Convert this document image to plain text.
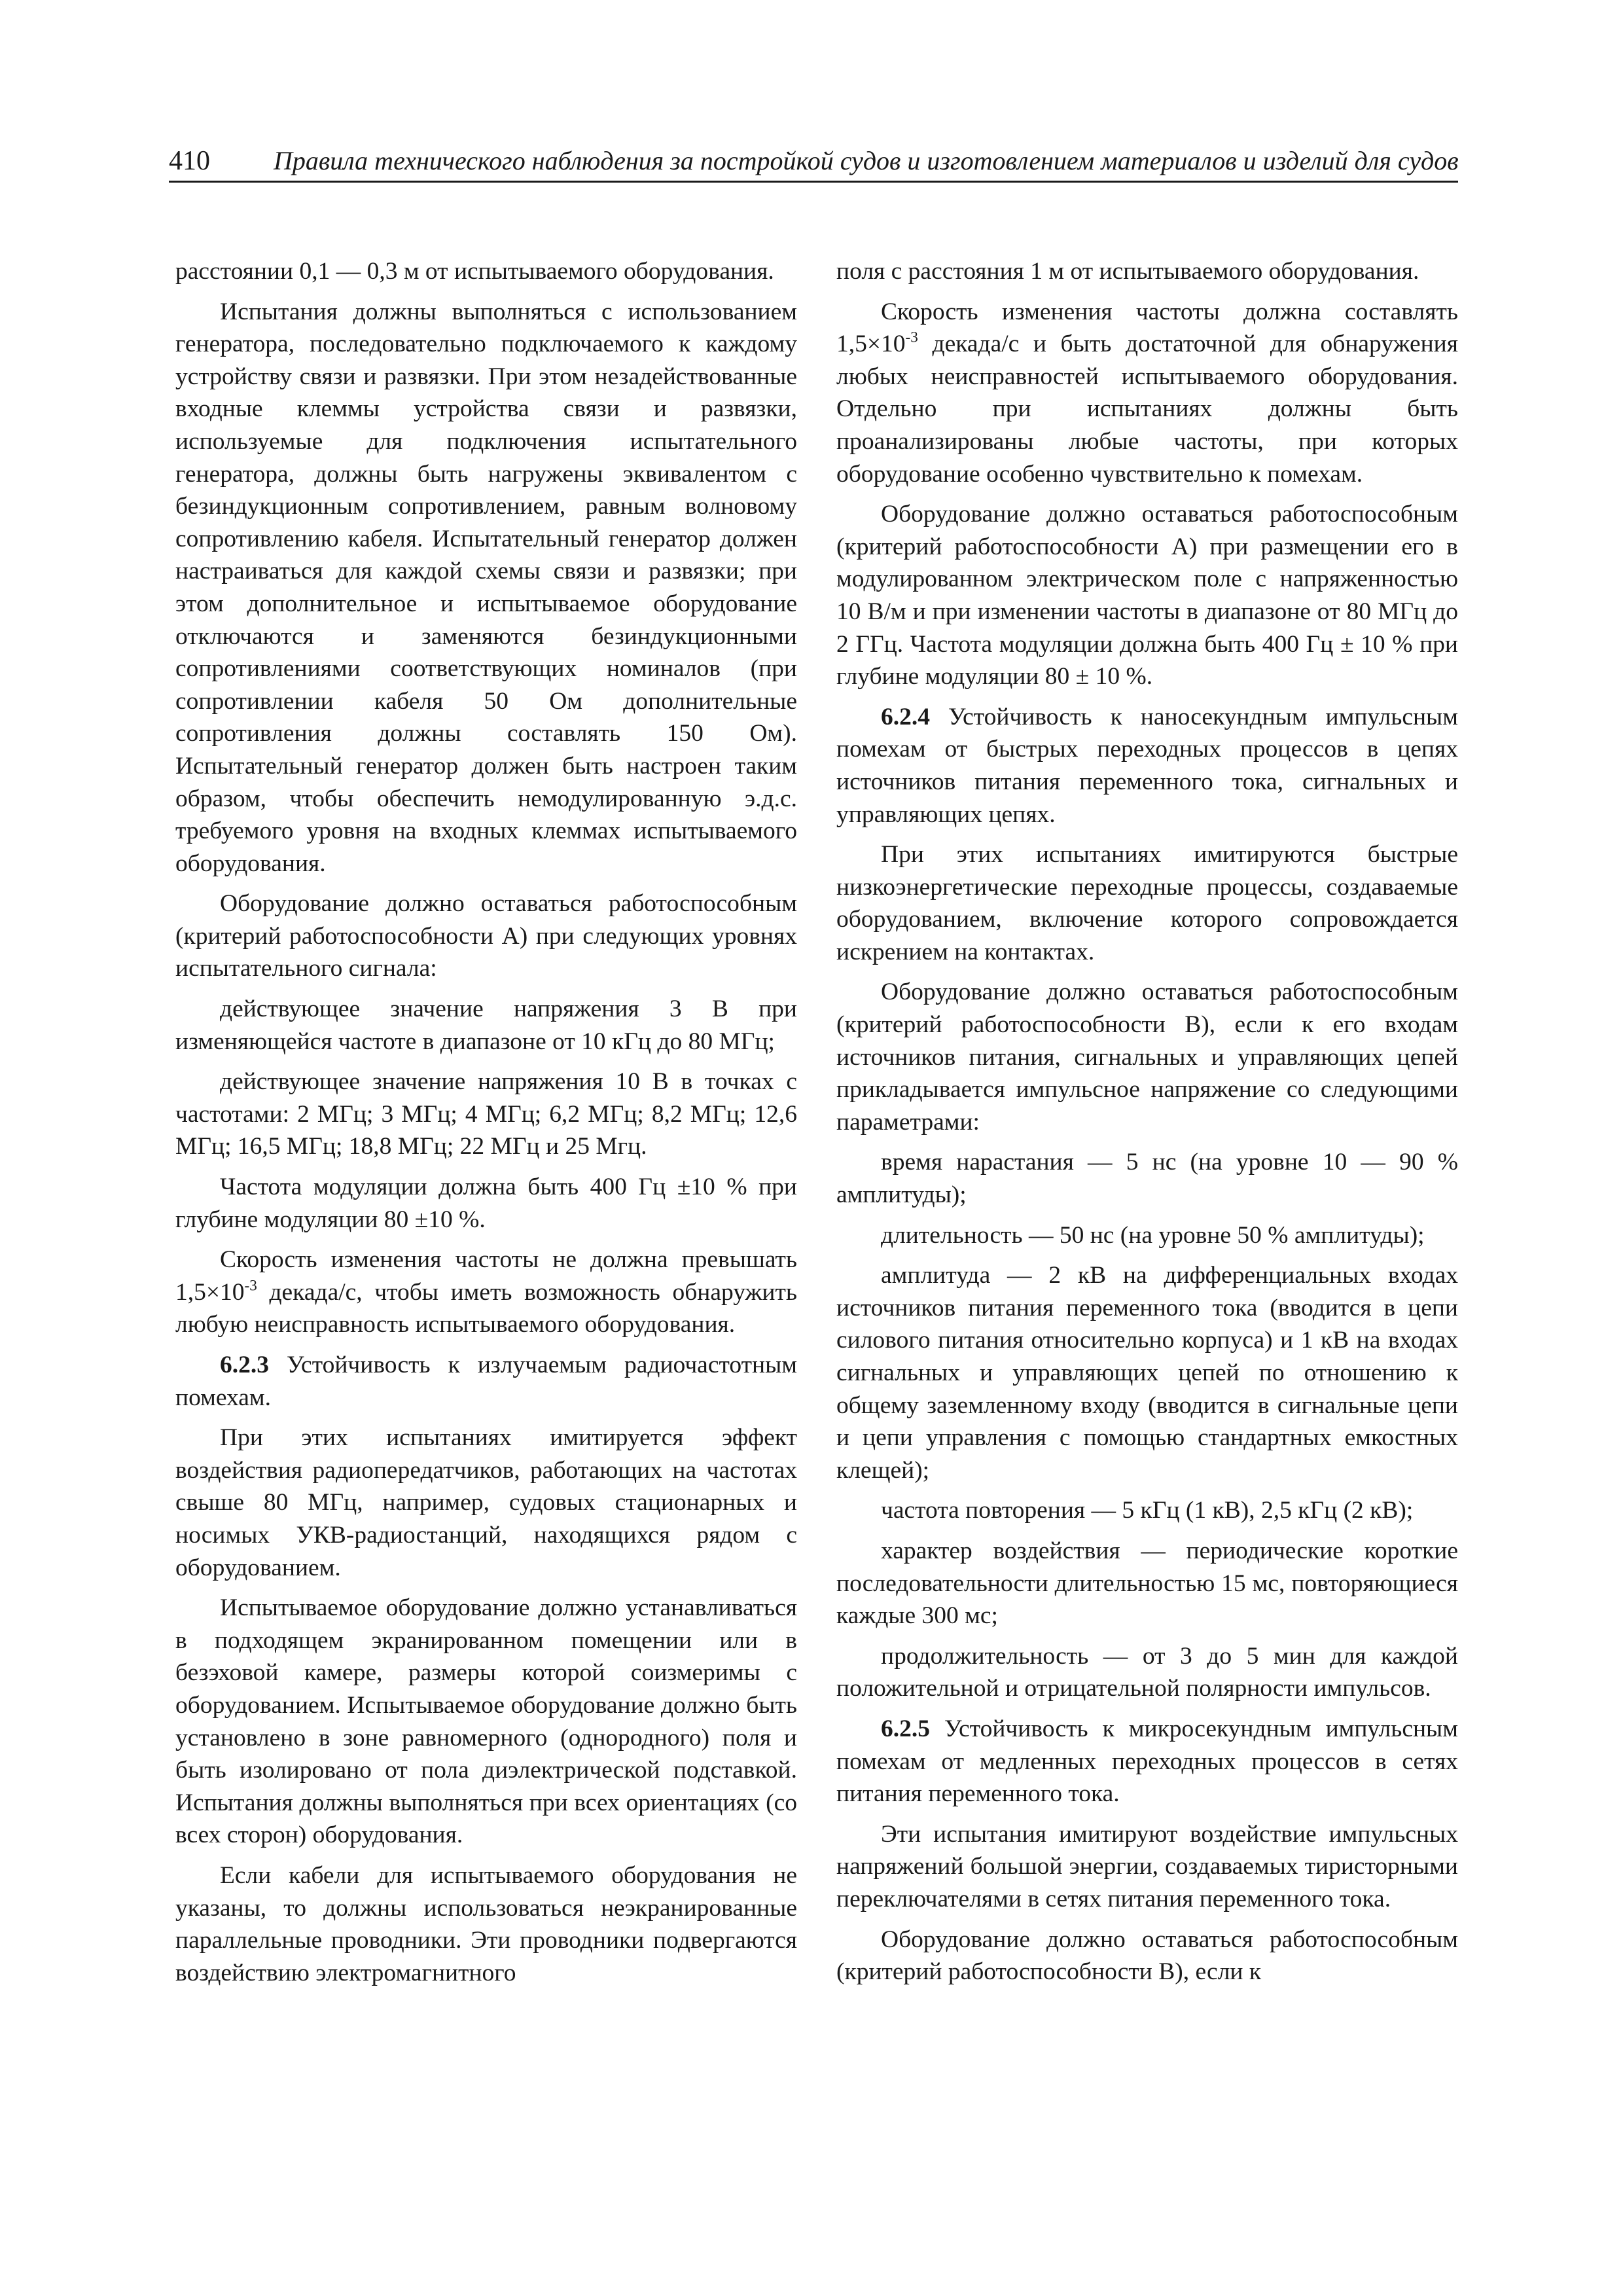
410 Правила технического наблюдения за постройкой судов и изготовлением материалов и изделий для судов

расстоянии 0,1 — 0,3 м от испытываемого оборудования.

Испытания должны выполняться с использованием генератора, последовательно подключаемого к каждому устройству связи и развязки. При этом незадействованные входные клеммы устройства связи и развязки, используемые для подключения испытательного генератора, должны быть нагружены эквивалентом с безиндукционным сопротивлением, равным волновому сопротивлению кабеля. Испытательный генератор должен настраиваться для каждой схемы связи и развязки; при этом дополнительное и испытываемое оборудование отключаются и заменяются безиндукционными сопротивлениями соответствующих номиналов (при сопротивлении кабеля 50 Ом дополнительные сопротивления должны составлять 150 Ом). Испытательный генератор должен быть настроен таким образом, чтобы обеспечить немодулированную э.д.с. требуемого уровня на входных клеммах испытываемого оборудования.

Оборудование должно оставаться работоспособным (критерий работоспособности A) при следующих уровнях испытательного сигнала:

действующее значение напряжения 3 В при изменяющейся частоте в диапазоне от 10 кГц до 80 МГц;

действующее значение напряжения 10 В в точках с частотами: 2 МГц; 3 МГц; 4 МГц; 6,2 МГц; 8,2 МГц; 12,6 МГц; 16,5 МГц; 18,8 МГц; 22 МГц и 25 Мгц.

Частота модуляции должна быть 400 Гц ±10 % при глубине модуляции 80 ±10 %.

Скорость изменения частоты не должна превышать $1,5\times 10^{-3}$ декада/с, чтобы иметь возможность обнаружить любую неисправность испытываемого оборудования.

6.2.3 Устойчивость к излучаемым радиочастотным помехам.

При этих испытаниях имитируется эффект воздействия радиопередатчиков, работающих на частотах свыше 80 МГц, например, судовых стационарных и носимых УКВ-радиостанций, находящихся рядом с оборудованием.

Испытываемое оборудование должно устанавливаться в подходящем экранированном помещении или в безэховой камере, размеры которой соизмеримы с оборудованием. Испытываемое оборудование должно быть установлено в зоне равномерного (однородного) поля и быть изолировано от пола диэлектрической подставкой. Испытания должны выполняться при всех ориентациях (со всех сторон) оборудования.

Если кабели для испытываемого оборудования не указаны, то должны использоваться неэкранированные параллельные проводники. Эти проводники подвергаются воздействию электромагнитного

поля с расстояния 1 м от испытываемого оборудования.

Скорость изменения частоты должна составлять $1,5\times 10^{-3}$ декада/с и быть достаточной для обнаружения любых неисправностей испытываемого оборудования. Отдельно при испытаниях должны быть проанализированы любые частоты, при которых оборудование особенно чувствительно к помехам.

Оборудование должно оставаться работоспособным (критерий работоспособности A) при размещении его в модулированном электрическом поле с напряженностью 10 В/м и при изменении частоты в диапазоне от 80 МГц до 2 ГГц. Частота модуляции должна быть 400 Гц ± 10 % при глубине модуляции 80 ± 10 %.

6.2.4 Устойчивость к наносекундным импульсным помехам от быстрых переходных процессов в цепях источников питания переменного тока, сигнальных и управляющих цепях.

При этих испытаниях имитируются быстрые низкоэнергетические переходные процессы, создаваемые оборудованием, включение которого сопровождается искрением на контактах.

Оборудование должно оставаться работоспособным (критерий работоспособности B), если к его входам источников питания, сигнальных и управляющих цепей прикладывается импульсное напряжение со следующими параметрами:

время нарастания — 5 нс (на уровне 10 — 90 % амплитуды);

длительность — 50 нс (на уровне 50 % амплитуды);

амплитуда — 2 кВ на дифференциальных входах источников питания переменного тока (вводится в цепи силового питания относительно корпуса) и 1 кВ на входах сигнальных и управляющих цепей по отношению к общему заземленному входу (вводится в сигнальные цепи и цепи управления с помощью стандартных емкостных клещей);

частота повторения — 5 кГц (1 кВ), 2,5 кГц (2 кВ);

характер воздействия — периодические короткие последовательности длительностью 15 мс, повторяющиеся каждые 300 мс;

продолжительность — от 3 до 5 мин для каждой положительной и отрицательной полярности импульсов.

6.2.5 Устойчивость к микросекундным импульсным помехам от медленных переходных процессов в сетях питания переменного тока.

Эти испытания имитируют воздействие импульсных напряжений большой энергии, создаваемых тиристорными переключателями в сетях питания переменного тока.

Оборудование должно оставаться работоспособным (критерий работоспособности B), если к
